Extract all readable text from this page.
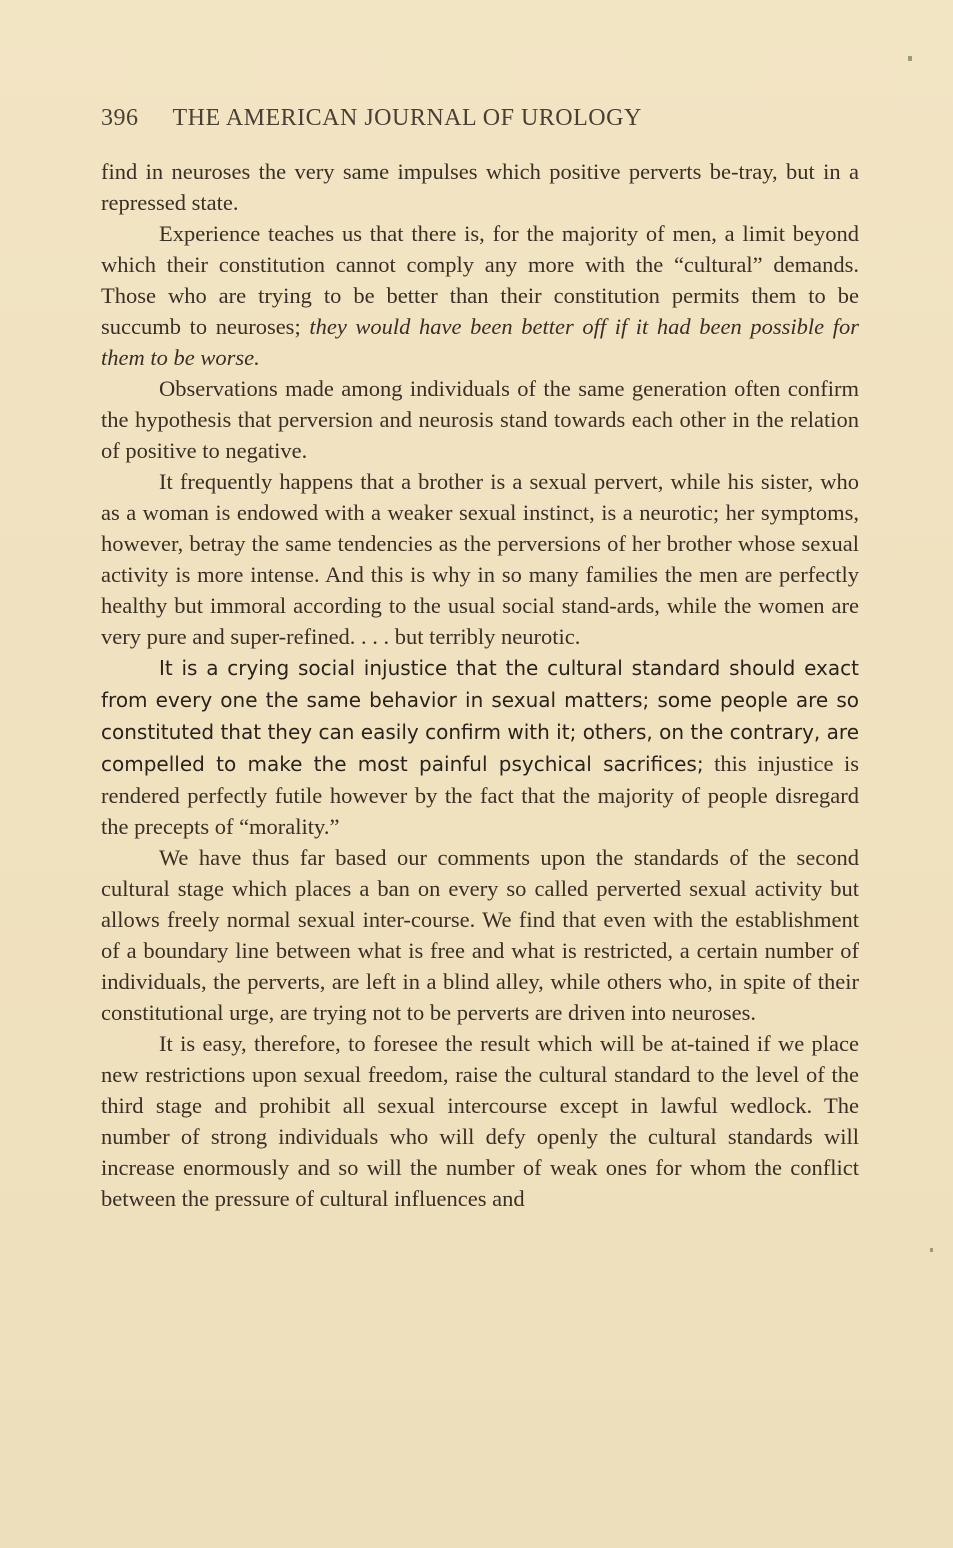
396 THE AMERICAN JOURNAL OF UROLOGY

find in neuroses the very same impulses which positive perverts be-tray, but in a repressed state.

Experience teaches us that there is, for the majority of men, a limit beyond which their constitution cannot comply any more with the “cultural” demands. Those who are trying to be better than their constitution permits them to be succumb to neuroses; they would have been better off if it had been possible for them to be worse.

Observations made among individuals of the same generation often confirm the hypothesis that perversion and neurosis stand towards each other in the relation of positive to negative.

It frequently happens that a brother is a sexual pervert, while his sister, who as a woman is endowed with a weaker sexual instinct, is a neurotic; her symptoms, however, betray the same tendencies as the perversions of her brother whose sexual activity is more intense. And this is why in so many families the men are perfectly healthy but immoral according to the usual social stand-ards, while the women are very pure and super-refined. . . . but terribly neurotic.

It is a crying social injustice that the cultural standard should exact from every one the same behavior in sexual matters; some people are so constituted that they can easily confirm with it; others, on the contrary, are compelled to make the most painful psychical sacrifices; this injustice is rendered perfectly futile however by the fact that the majority of people disregard the precepts of “morality.”

We have thus far based our comments upon the standards of the second cultural stage which places a ban on every so called perverted sexual activity but allows freely normal sexual inter-course. We find that even with the establishment of a boundary line between what is free and what is restricted, a certain number of individuals, the perverts, are left in a blind alley, while others who, in spite of their constitutional urge, are trying not to be perverts are driven into neuroses.

It is easy, therefore, to foresee the result which will be at-tained if we place new restrictions upon sexual freedom, raise the cultural standard to the level of the third stage and prohibit all sexual intercourse except in lawful wedlock. The number of strong individuals who will defy openly the cultural standards will increase enormously and so will the number of weak ones for whom the conflict between the pressure of cultural influences and
